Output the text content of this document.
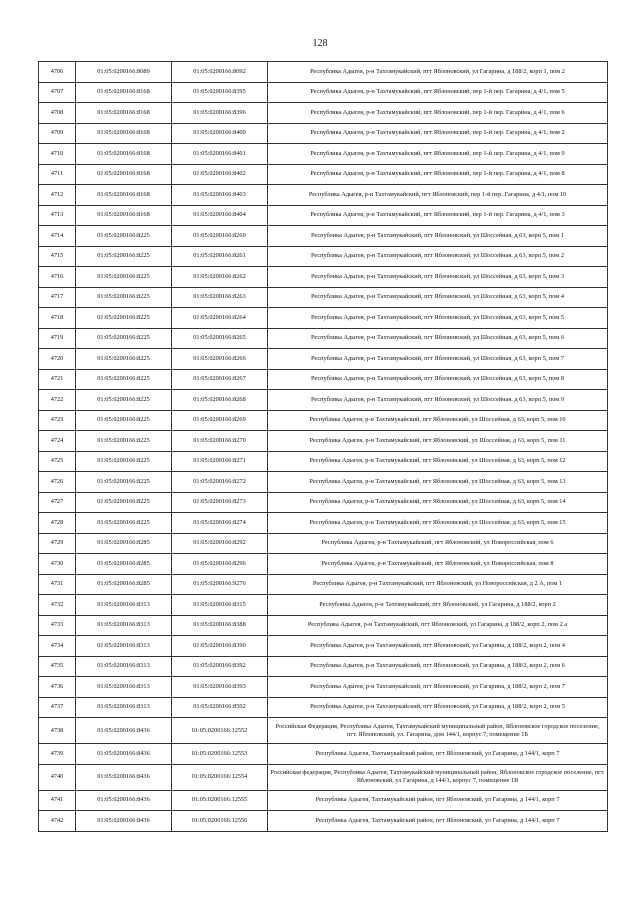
128
4706	01:05:0200166:8089	01:05:0200166:8092	Республика Адыгея, р-н Тахтамукайский, пгт Яблоновский, ул Гагарина, д 188/2, корп 1, пом 2
4707	01:05:0200166:8168	01:05:0200166:8395	Республика Адыгея, р-н Тахтамукайский, пгт Яблоновский, пер 1-й пер. Гагарина, д 4/1, пом 5
4708	01:05:0200166:8168	01:05:0200166:8396	Республика Адыгея, р-н Тахтамукайский, пгт Яблоновский, пер 1-й пер. Гагарина, д 4/1, пом 6
4709	01:05:0200166:8168	01:05:0200166:8400	Республика Адыгея, р-н Тахтамукайский, пгт Яблоновский, пер 1-й пер. Гагарина, д 4/1, пом 2
4710	01:05:0200166:8168	01:05:0200166:8401	Республика Адыгея, р-н Тахтамукайский, пгт Яблоновский, пер 1-й пер. Гагарина, д 4/1, пом 9
4711	01:05:0200166:8168	01:05:0200166:8402	Республика Адыгея, р-н Тахтамукайский, пгт Яблоновский, пер 1-й пер. Гагарина, д 4/1, пом 8
4712	01:05:0200166:8168	01:05:0200166:8403	Республика Адыгея, р-н Тахтамукайский, пгт Яблоновский, пер 1-й пер. Гагарина, д 4/1, пом 10
4713	01:05:0200166:8168	01:05:0200166:8404	Республика Адыгея, р-н Тахтамукайский, пгт Яблоновский, пер 1-й пер. Гагарина, д 4/1, пом 3
4714	01:05:0200166:8225	01:05:0200166:8260	Республика Адыгея, р-н Тахтамукайский, пгт Яблоновский, ул Шоссейная, д 63, корп 5, пом 1
4715	01:05:0200166:8225	01:05:0200166:8261	Республика Адыгея, р-н Тахтамукайский, пгт Яблоновский, ул Шоссейная, д 63, корп 5, пом 2
4716	01:05:0200166:8225	01:05:0200166:8262	Республика Адыгея, р-н Тахтамукайский, пгт Яблоновский, ул Шоссейная, д 63, корп 5, пом 3
4717	01:05:0200166:8225	01:05:0200166:8263	Республика Адыгея, р-н Тахтамукайский, пгт Яблоновский, ул Шоссейная, д 63, корп 5, пом 4
4718	01:05:0200166:8225	01:05:0200166:8264	Республика Адыгея, р-н Тахтамукайский, пгт Яблоновский, ул Шоссейная, д 63, корп 5, пом 5
4719	01:05:0200166:8225	01:05:0200166:8265	Республика Адыгея, р-н Тахтамукайский, пгт Яблоновский, ул Шоссейная, д 63, корп 5, пом 6
4720	01:05:0200166:8225	01:05:0200166:8266	Республика Адыгея, р-н Тахтамукайский, пгт Яблоновский, ул Шоссейная, д 63, корп 5, пом 7
4721	01:05:0200166:8225	01:05:0200166:8267	Республика Адыгея, р-н Тахтамукайский, пгт Яблоновский, ул Шоссейная, д 63, корп 5, пом 8
4722	01:05:0200166:8225	01:05:0200166:8268	Республика Адыгея, р-н Тахтамукайский, пгт Яблоновский, ул Шоссейная, д 63, корп 5, пом 9
4723	01:05:0200166:8225	01:05:0200166:8269	Республика Адыгея, р-н Тахтамукайский, пгт Яблоновский, ул Шоссейная, д 63, корп 5, пом 10
4724	01:05:0200166:8225	01:05:0200166:8270	Республика Адыгея, р-н Тахтамукайский, пгт Яблоновский, ул Шоссейная, д 63, корп 5, пом 11
4725	01:05:0200166:8225	01:05:0200166:8271	Республика Адыгея, р-н Тахтамукайский, пгт Яблоновский, ул Шоссейная, д 63, корп 5, пом 12
4726	01:05:0200166:8225	01:05:0200166:8272	Республика Адыгея, р-н Тахтамукайский, пгт Яблоновский, ул Шоссейная, д 63, корп 5, пом 13
4727	01:05:0200166:8225	01:05:0200166:8273	Республика Адыгея, р-н Тахтамукайский, пгт Яблоновский, ул Шоссейная, д 63, корп 5, пом 14
4728	01:05:0200166:8225	01:05:0200166:8274	Республика Адыгея, р-н Тахтамукайский, пгт Яблоновский, ул Шоссейная, д 63, корп 5, пом 15
4729	01:05:0200166:8285	01:05:0200166:8292	Республика Адыгея, р-н Тахтамукайский, пгт Яблоновский, ул Новороссийская, пом 6
4730	01:05:0200166:8285	01:05:0200166:8296	Республика Адыгея, р-н Тахтамукайский, пгт Яблоновский, ул Новороссийская, пом 8
4731	01:05:0200166:8285	01:05:0200166:9276	Республика Адыгея, р-н Тахтамукайский, пгт Яблоновский, ул Новороссийская, д 2 А, пом 1
4732	01:05:0200166:8313	01:05:0200166:8315	Республика Адыгея, р-н Тахтамукайский, пгт Яблоновский, ул Гагарина, д 188/2, корп 2
4733	01:05:0200166:8313	01:05:0200166:8388	Республика Адыгея, р-н Тахтамукайский, пгт Яблоновский, ул Гагарина, д 188/2, корп 2, пом 2 а
4734	01:05:0200166:8313	01:05:0200166:8390	Республика Адыгея, р-н Тахтамукайский, пгт Яблоновский, ул Гагарина, д 188/2, корп 2, пом 4
4735	01:05:0200166:8313	01:05:0200166:8392	Республика Адыгея, р-н Тахтамукайский, пгт Яблоновский, ул Гагарина, д 188/2, корп 2, пом 6
4736	01:05:0200166:8313	01:05:0200166:8393	Республика Адыгея, р-н Тахтамукайский, пгт Яблоновский, ул Гагарина, д 188/2, корп 2, пом 7
4737	01:05:0200166:8313	01:05:0200166:8502	Республика Адыгея, р-н Тахтамукайский, пгт Яблоновский, ул Гагарина, д 188/2, корп 2, пом 5
4738	01:05:0200166:8436	01:05:0200166:12552	Российская Федерация, Республика Адыгея, Тахтамукайский муниципальный район, Яблоновское городское поселение, пгт. Яблоновский, ул. Гагарина, дом 144/1, корпус 7, помещение 1Б
4739	01:05:0200166:8436	01:05:0200166:12553	Республика Адыгея, Тахтамукайский район, пгт Яблоновский, ул Гагарина, д 144/1, корп 7
4740	01:05:0200166:8436	01:05:0200166:12554	Российская федерация, Республика Адыгея, Тахтамукайский муниципальный район, Яблоновское городское поселение, пгт. Яблоновский, ул Гагарина, д 144/1, корпус 7, помещение 1В
4741	01:05:0200166:8436	01:05:0200166:12555	Республика Адыгея, Тахтамукайский район, пгт Яблоновский, ул Гагарина, д 144/1, корп 7
4742	01:05:0200166:8436	01:05:0200166:12556	Республика Адыгея, Тахтамукайский район, пгт Яблоновский, ул Гагарина, д 144/1, корп 7
